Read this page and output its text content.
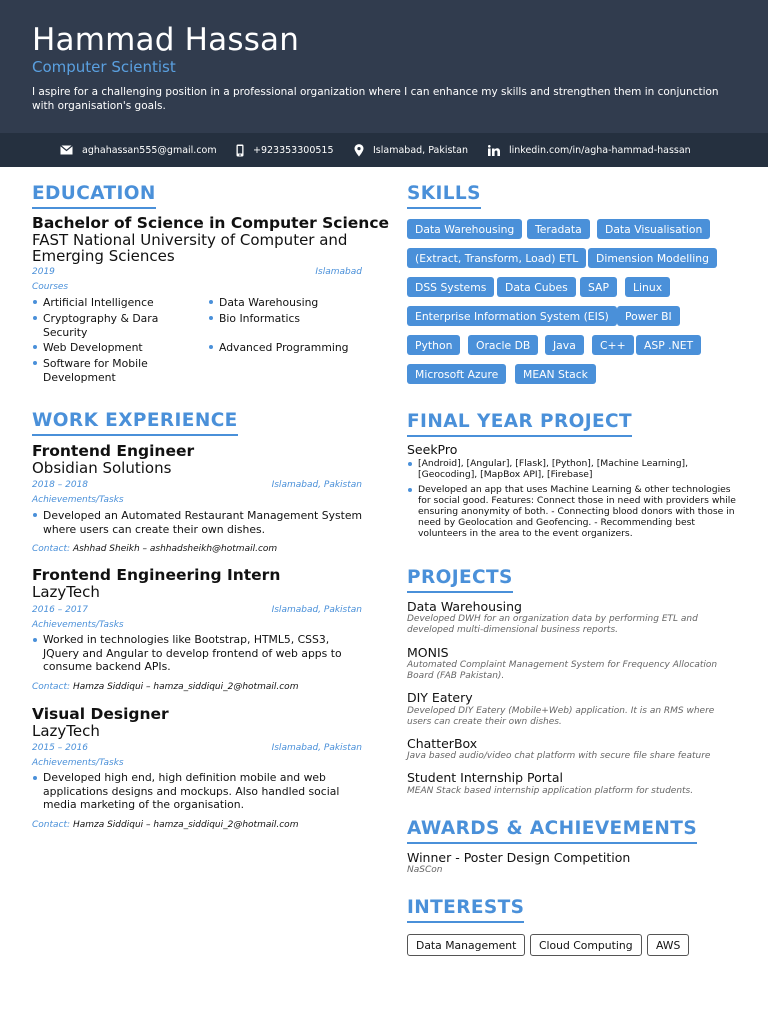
Hammad Hassan
Computer Scientist
I aspire for a challenging position in a professional organization where I can enhance my skills and strengthen them in conjunction with organisation's goals.
aghahassan555@gmail.com	+923353300515	Islamabad, Pakistan	linkedin.com/in/agha-hammad-hassan
EDUCATION
Bachelor of Science in Computer Science
FAST National University of Computer and Emerging Sciences
2019	Islamabad
Courses
Artificial Intelligence	Data Warehousing
Cryptography & Dara Security
Bio Informatics
Web Development	Advanced Programming
Software for Mobile Development
WORK EXPERIENCE
Frontend Engineer
Obsidian Solutions
2018 – 2018	Islamabad, Pakistan
Achievements/Tasks
Developed an Automated Restaurant Management System where users can create their own dishes.
Contact: Ashhad Sheikh – ashhadsheikh@hotmail.com
Frontend Engineering Intern
LazyTech
2016 – 2017	Islamabad, Pakistan
Achievements/Tasks
Worked in technologies like Bootstrap, HTML5, CSS3, JQuery and Angular to develop frontend of web apps to consume backend APIs.
Contact: Hamza Siddiqui – hamza_siddiqui_2@hotmail.com
Visual Designer
LazyTech
2015 – 2016	Islamabad, Pakistan
Achievements/Tasks
Developed high end, high definition mobile and web applications designs and mockups. Also handled social media marketing of the organisation.
Contact: Hamza Siddiqui – hamza_siddiqui_2@hotmail.com
SKILLS
Data Warehousing	Teradata	Data Visualisation
(Extract, Transform, Load) ETL	Dimension Modelling
DSS Systems	Data Cubes	SAP	Linux
Enterprise Information System (EIS)	Power BI
Python	Oracle DB	Java	C++	ASP .NET
Microsoft Azure	MEAN Stack
FINAL YEAR PROJECT
SeekPro
[Android], [Angular], [Flask], [Python], [Machine Learning], [Geocoding], [MapBox API], [Firebase]
Developed an app that uses Machine Learning & other technologies for social good. Features: Connect those in need with providers while ensuring anonymity of both. - Connecting blood donors with those in need by Geolocation and Geofencing. - Recommending best volunteers in the area to the event organizers.
PROJECTS
Data Warehousing
Developed DWH for an organization data by performing ETL and developed multi-dimensional business reports.
MONIS
Automated Complaint Management System for Frequency Allocation Board (FAB Pakistan).
DIY Eatery
Developed DIY Eatery (Mobile+Web) application. It is an RMS where users can create their own dishes.
ChatterBox
Java based audio/video chat platform with secure file share feature
Student Internship Portal
MEAN Stack based internship application platform for students.
AWARDS & ACHIEVEMENTS
Winner - Poster Design Competition
NaSCon
INTERESTS
Data Management	Cloud Computing	AWS
